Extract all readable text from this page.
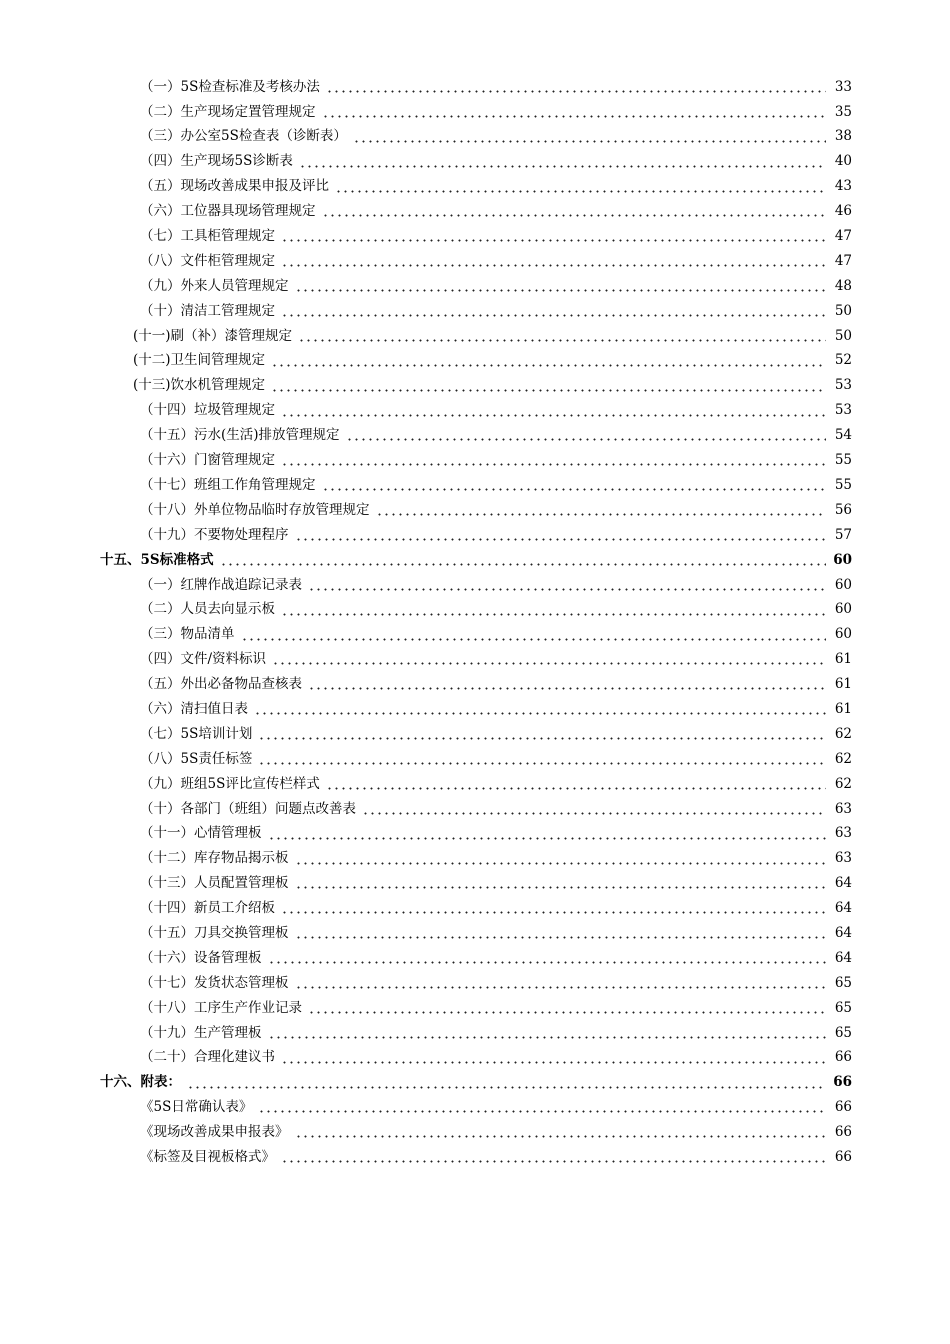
（一）5S检查标准及考核办法	33
（二）生产现场定置管理规定	35
（三）办公室5S检查表（诊断表）	38
（四）生产现场5S诊断表	40
（五）现场改善成果申报及评比	43
（六）工位器具现场管理规定	46
（七）工具柜管理规定	47
（八）文件柜管理规定	47
（九）外来人员管理规定	48
（十）清洁工管理规定	50
(十一)刷（补）漆管理规定	50
(十二)卫生间管理规定	52
(十三)饮水机管理规定	53
（十四）垃圾管理规定	53
（十五）污水(生活)排放管理规定	54
（十六）门窗管理规定	55
（十七）班组工作角管理规定	55
（十八）外单位物品临时存放管理规定	56
（十九）不要物处理程序	57
十五、5S标准格式	60
（一）红牌作战追踪记录表	60
（二）人员去向显示板	60
（三）物品清单	60
（四）文件/资料标识	61
（五）外出必备物品查核表	61
（六）清扫值日表	61
（七）5S培训计划	62
（八）5S责任标签	62
（九）班组5S评比宣传栏样式	62
（十）各部门（班组）问题点改善表	63
（十一）心情管理板	63
（十二）库存物品揭示板	63
（十三）人员配置管理板	64
（十四）新员工介绍板	64
（十五）刀具交换管理板	64
（十六）设备管理板	64
（十七）发货状态管理板	65
（十八）工序生产作业记录	65
（十九）生产管理板	65
（二十）合理化建议书	66
十六、附表：	66
《5S日常确认表》	66
《现场改善成果申报表》	66
《标签及目视板格式》	66
